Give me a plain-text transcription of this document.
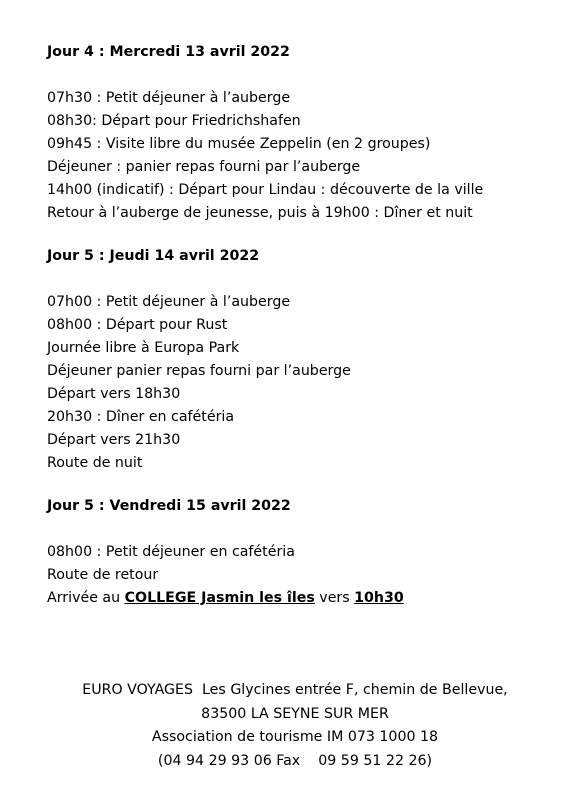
Jour 4 : Mercredi 13 avril 2022
07h30 : Petit déjeuner à l’auberge
08h30: Départ pour Friedrichshafen
09h45 : Visite libre du musée Zeppelin (en 2 groupes)
Déjeuner : panier repas fourni par l’auberge
14h00 (indicatif) : Départ pour Lindau : découverte de la ville
Retour à l’auberge de jeunesse, puis à 19h00 : Dîner et nuit
Jour 5 : Jeudi 14 avril 2022
07h00 : Petit déjeuner à l’auberge
08h00 : Départ pour Rust
Journée libre à Europa Park
Déjeuner panier repas fourni par l’auberge
Départ vers 18h30
20h30 : Dîner en cafétéria
Départ vers 21h30
Route de nuit
Jour 5 : Vendredi 15 avril 2022
08h00 : Petit déjeuner en cafétéria
Route de retour
Arrivée au COLLEGE Jasmin les îles vers 10h30
EURO VOYAGES  Les Glycines entrée F, chemin de Bellevue,
83500 LA SEYNE SUR MER
Association de tourisme IM 073 1000 18
(04 94 29 93 06 Fax    09 59 51 22 26)
